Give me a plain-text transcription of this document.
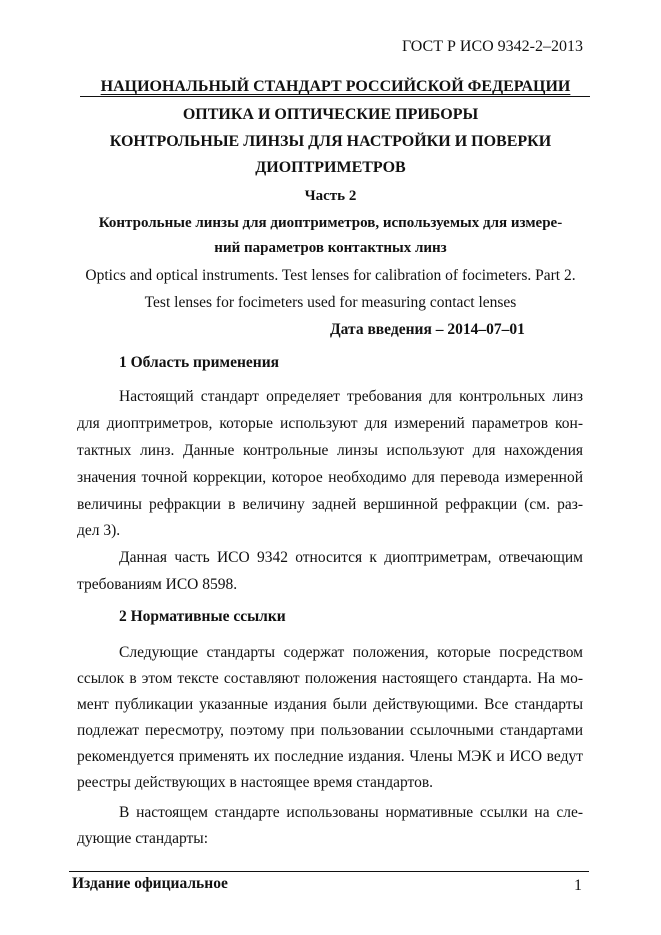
ГОСТ Р ИСО 9342-2–2013

НАЦИОНАЛЬНЫЙ СТАНДАРТ РОССИЙСКОЙ ФЕДЕРАЦИИ

ОПТИКА И ОПТИЧЕСКИЕ ПРИБОРЫ

КОНТРОЛЬНЫЕ ЛИНЗЫ ДЛЯ НАСТРОЙКИ И ПОВЕРКИ

ДИОПТРИМЕТРОВ

Часть 2

Контрольные линзы для диоптриметров, используемых для измере-

ний параметров контактных линз

Optics and optical instruments. Test lenses for calibration of focimeters. Part 2.

Test lenses for focimeters used for measuring contact lenses

Дата введения – 2014–07–01

1 Область применения

Настоящий стандарт определяет требования для контрольных линз

для диоптриметров, которые используют для измерений параметров кон-

тактных линз. Данные контрольные линзы используют для нахождения

значения точной коррекции, которое необходимо для перевода измеренной

величины рефракции в величину задней вершинной рефракции (см. раз-

дел 3).

Данная часть ИСО 9342 относится к диоптриметрам, отвечающим

требованиям ИСО 8598.

2 Нормативные ссылки

Следующие стандарты содержат положения, которые посредством

ссылок в этом тексте составляют положения настоящего стандарта. На мо-

мент публикации указанные издания были действующими. Все стандарты

подлежат пересмотру, поэтому при пользовании ссылочными стандартами

рекомендуется применять их последние издания. Члены МЭК и ИСО ведут

реестры действующих в настоящее время стандартов.

В настоящем стандарте использованы нормативные ссылки на сле-

дующие стандарты:

Издание официальное	1
